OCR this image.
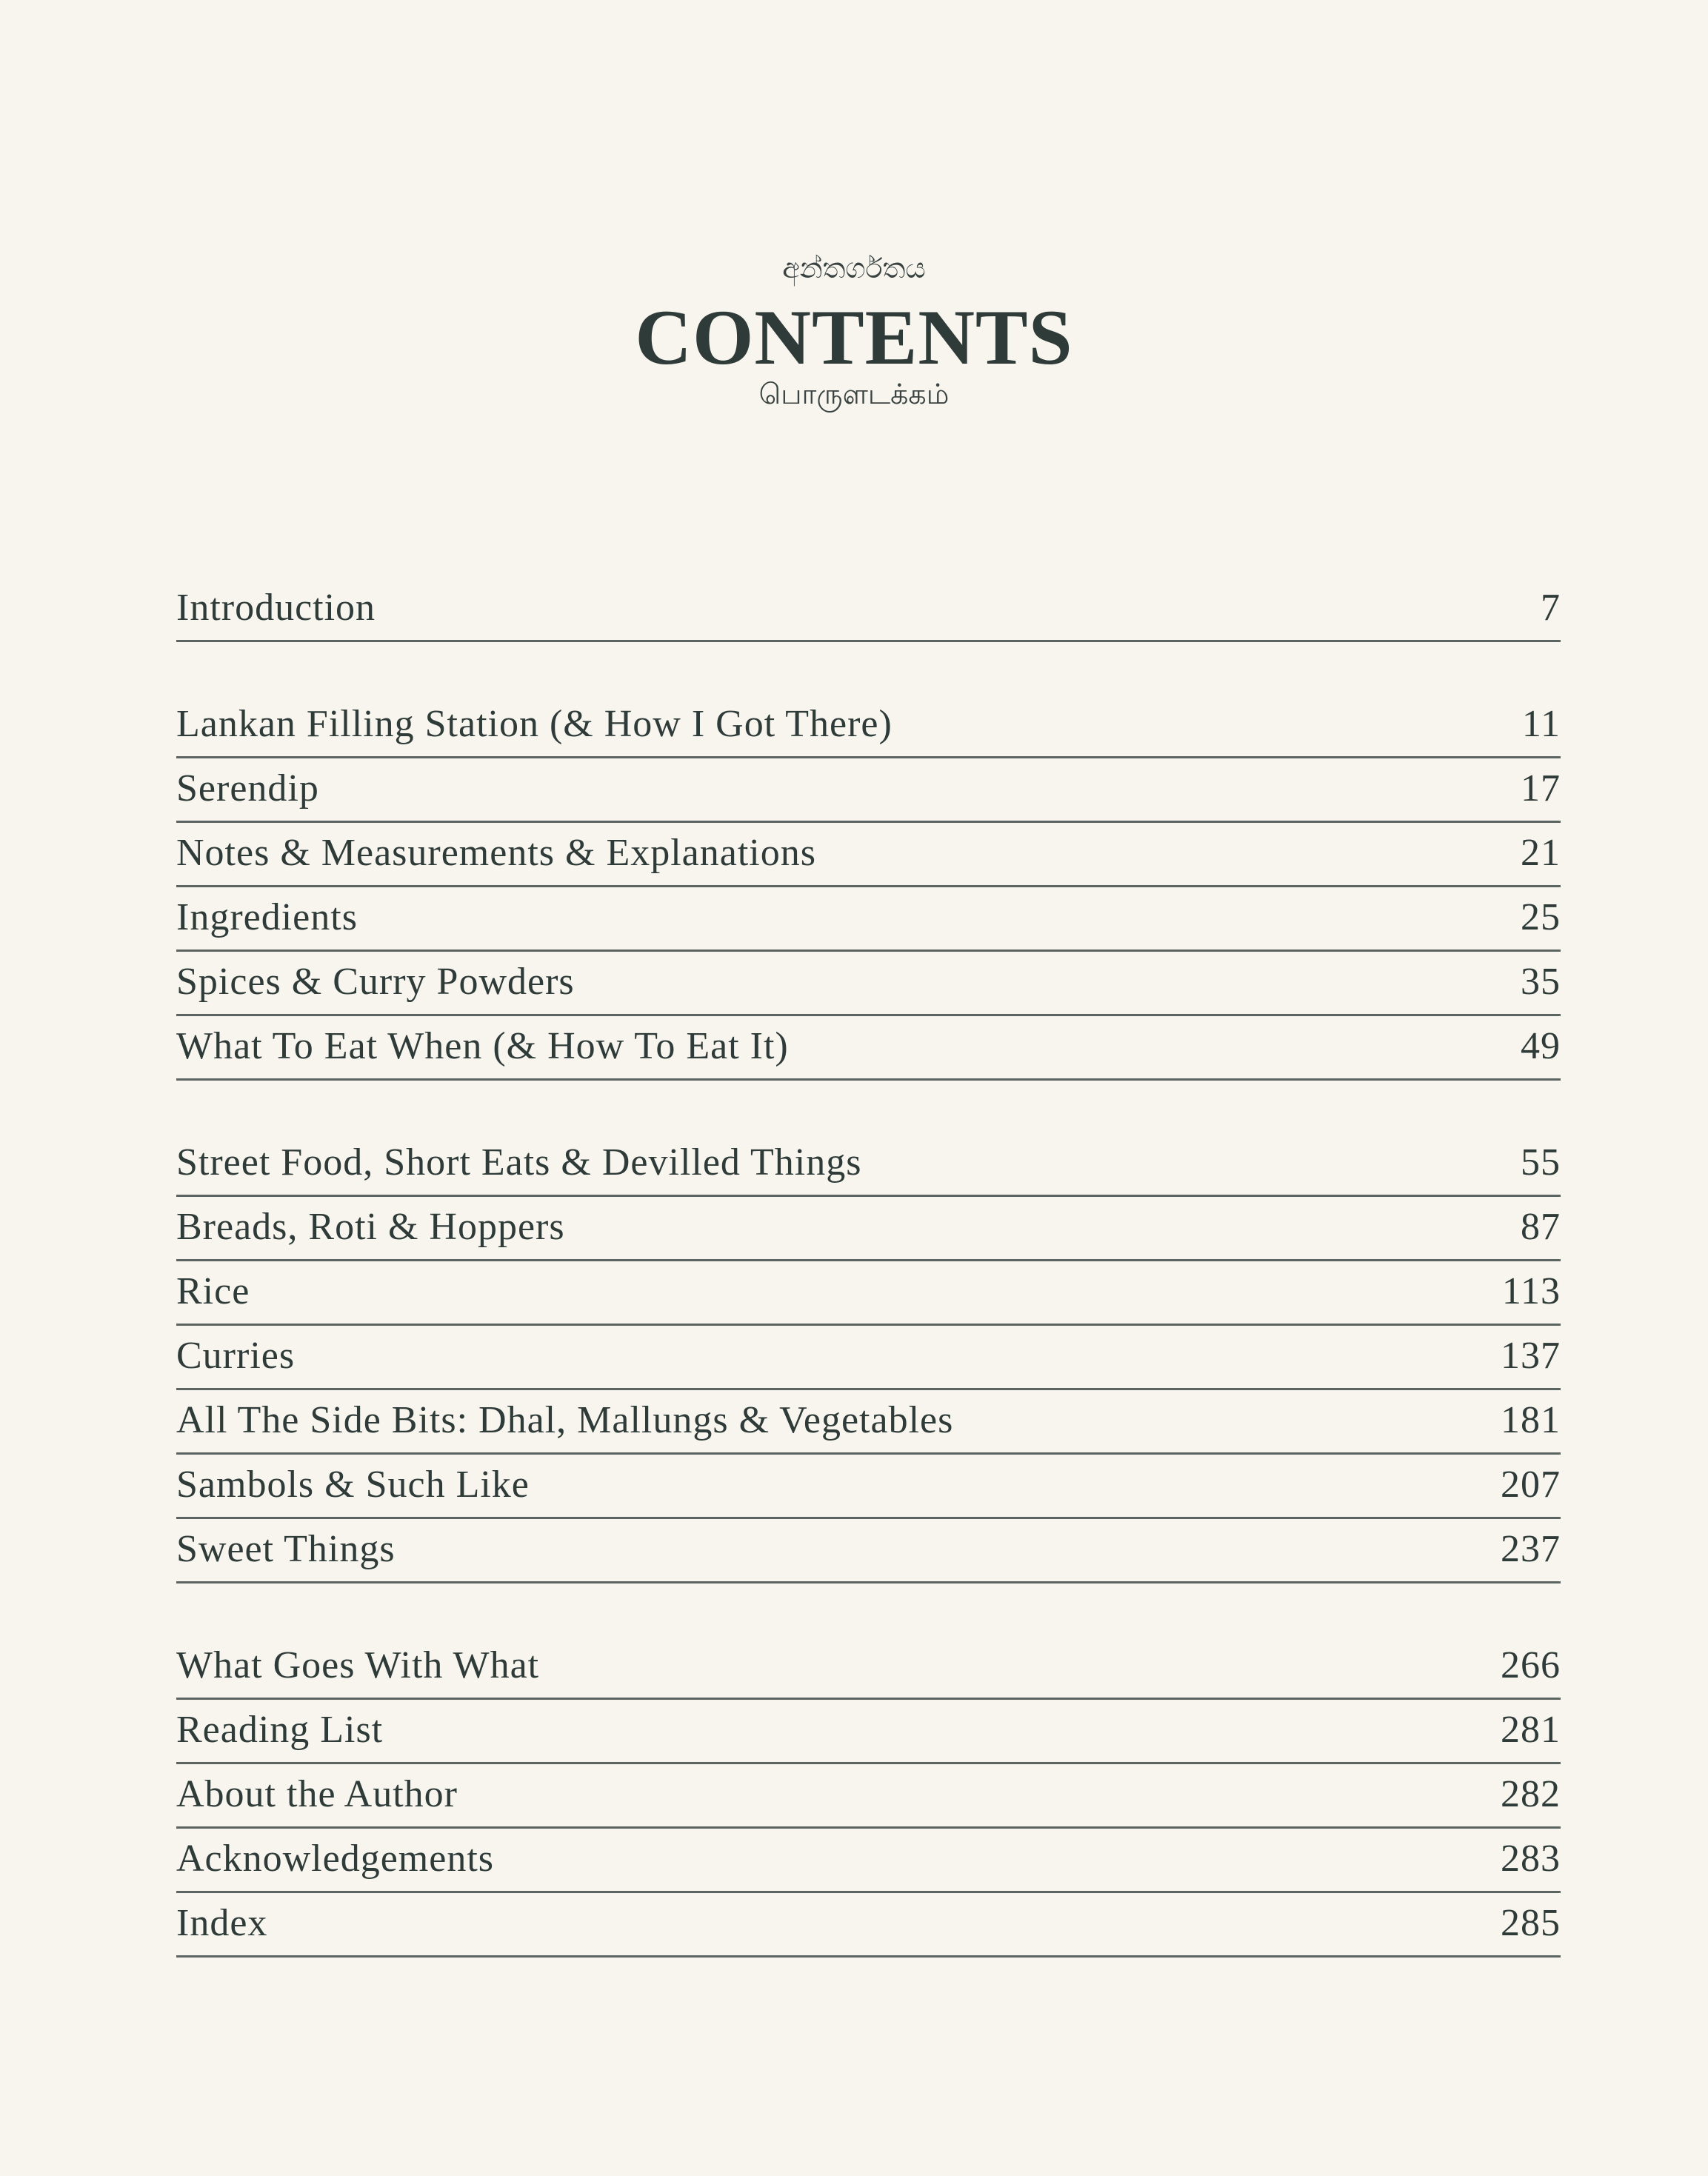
අන්තර්ගතය
CONTENTS
பொருளடக்கம்
Introduction	7
Lankan Filling Station (& How I Got There)	11
Serendip	17
Notes & Measurements & Explanations	21
Ingredients	25
Spices & Curry Powders	35
What To Eat When (& How To Eat It)	49
Street Food, Short Eats & Devilled Things	55
Breads, Roti & Hoppers	87
Rice	113
Curries	137
All The Side Bits: Dhal, Mallungs & Vegetables	181
Sambols & Such Like	207
Sweet Things	237
What Goes With What	266
Reading List	281
About the Author	282
Acknowledgements	283
Index	285
